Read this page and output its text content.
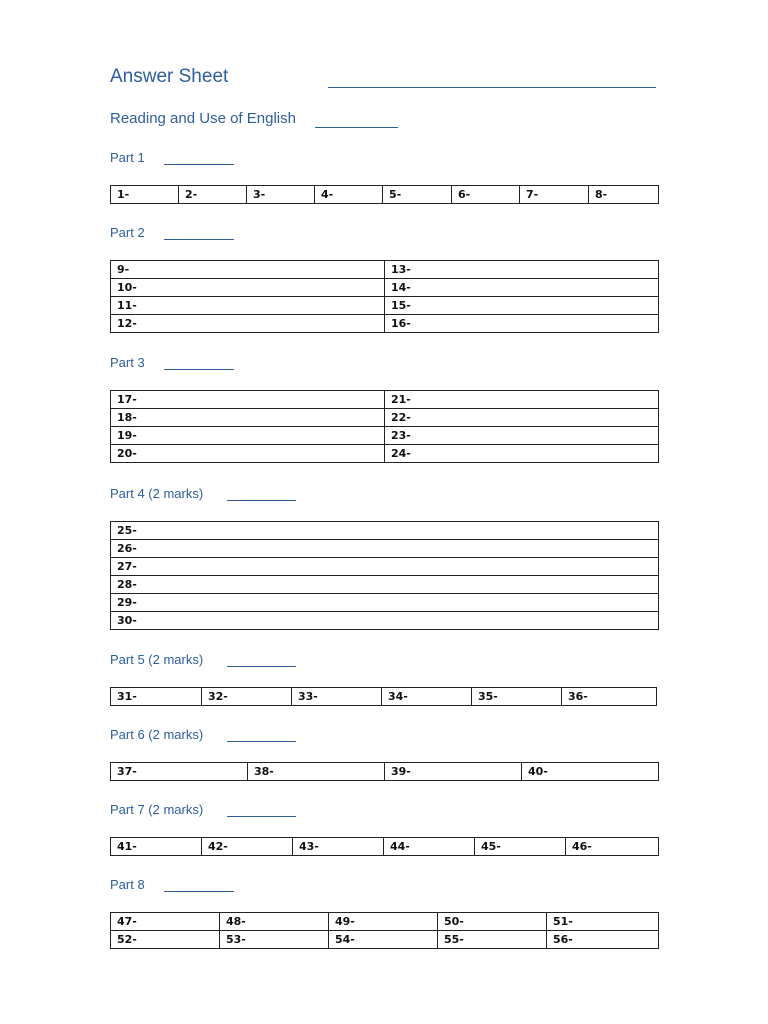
Answer Sheet
Reading and Use of English
Part 1
1-	2-	3-	4-	5-	6-	7-	8-
Part 2
9-	13-
10-	14-
11-	15-
12-	16-
Part 3
17-	21-
18-	22-
19-	23-
20-	24-
Part 4 (2 marks)
25-
26-
27-
28-
29-
30-
Part 5 (2 marks)
31-	32-	33-	34-	35-	36-
Part 6 (2 marks)
37-	38-	39-	40-
Part 7 (2 marks)
41-	42-	43-	44-	45-	46-
Part 8
47-	48-	49-	50-	51-
52-	53-	54-	55-	56-
